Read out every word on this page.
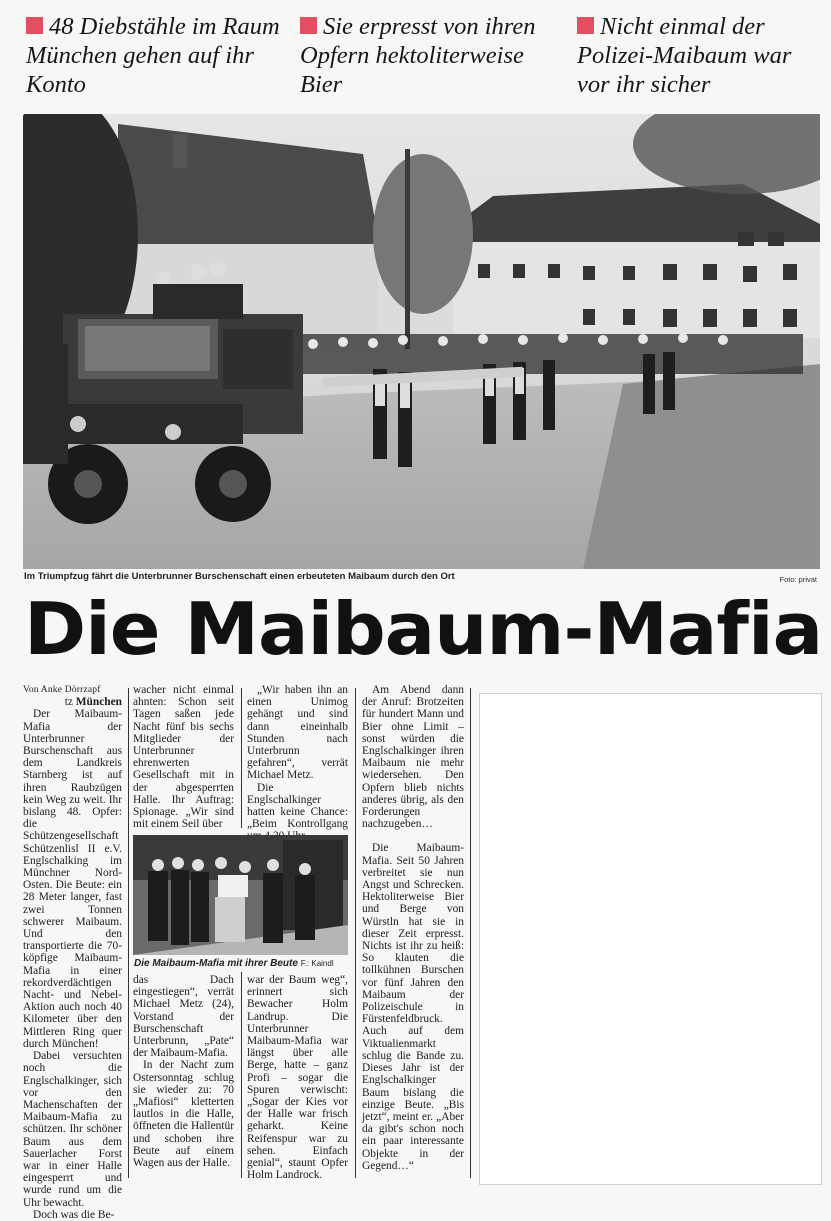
48 Diebstähle im Raum München gehen auf ihr Konto
Sie erpresst von ihren Opfern hektoliterweise Bier
Nicht einmal der Polizei-Maibaum war vor ihr sicher
Im Triumpfzug fährt die Unterbrunner Burschenschaft einen erbeuteten Maibaum durch den Ort	Foto: privat
Die Maibaum-Mafia
Von Anke Dörrzapf
tz München

Der Maibaum-Mafia der Unterbrunner Burschenschaft aus dem Landkreis Starnberg ist auf ihren Raubzügen kein Weg zu weit. Ihr bislang 48. Opfer: die Schützengesellschaft Schützenlisl II e.V. Englschalking im Münchner Nord-Osten. Die Beute: ein 28 Meter langer, fast zwei Tonnen schwerer Maibaum. Und den transportierte die 70-köpfige Maibaum-Mafia in einer rekordverdächtigen Nacht- und Nebel-Aktion auch noch 40 Kilometer über den Mittleren Ring quer durch München!

Dabei versuchten noch die Englschalkinger, sich vor den Machenschaften der Maibaum-Mafia zu schützen. Ihr schöner Baum aus dem Sauerlacher Forst war in einer Halle eingesperrt und wurde rund um die Uhr bewacht.

Doch was die Be-

wacher nicht einmal ahnten: Schon seit Tagen saßen jede Nacht fünf bis sechs Mitglieder der Unterbrunner ehrenwerten Gesellschaft mit in der abgesperrten Halle. Ihr Auftrag: Spionage. „Wir sind mit einem Seil über

„Wir haben ihn an einen Unimog gehängt und sind dann eineinhalb Stunden nach Unterbrunn gefahren“, verrät Michael Metz.

Die Englschalkinger hatten keine Chance: „Beim Kontrollgang

Die Maibaum-Mafia mit ihrer Beute F.: Kaindl

das Dach eingestiegen“, verrät Michael Metz (24), Vorstand der Burschenschaft Unterbrunn, „Pate“ der Maibaum-Mafia.

In der Nacht zum Ostersonntag schlug sie wieder zu: 70 „Mafiosi“ kletterten lautlos in die Halle, öffneten die Hallentür und schoben ihre Beute auf einem Wagen aus der Halle.

war der Baum weg“, erinnert sich Bewacher Holm Landrup. Die Unterbrunner Maibaum-Mafia war längst über alle Berge, hatte – ganz Profi – sogar die Spuren verwischt: „Sogar der Kies vor der Halle war frisch geharkt. Keine Reifenspur war zu sehen. Einfach genial“, staunt Opfer Holm Landrock.

Am Abend dann der Anruf: Brotzeiten für hundert Mann und Bier ohne Limit – sonst würden die Englschalkinger ihren Maibaum nie mehr wiedersehen. Den Opfern blieb nichts anderes übrig, als den Forderungen nachzugeben…

Die Maibaum-Mafia. Seit 50 Jahren verbreitet sie nun Angst und Schrecken. Hektoliterweise Bier und Berge von Würstln hat sie in dieser Zeit erpresst. Nichts ist ihr zu heiß: So klauten die tollkühnen Burschen vor fünf Jahren den Maibaum der Polizeischule in Fürstenfeldbruck. Auch auf dem Viktualienmarkt schlug die Bande zu. Dieses Jahr ist der Englschalkinger Baum bislang die einzige Beute. „Bis jetzt“, meint er. „Aber da gibt's schon noch ein paar interessante Objekte in der Gegend…“
